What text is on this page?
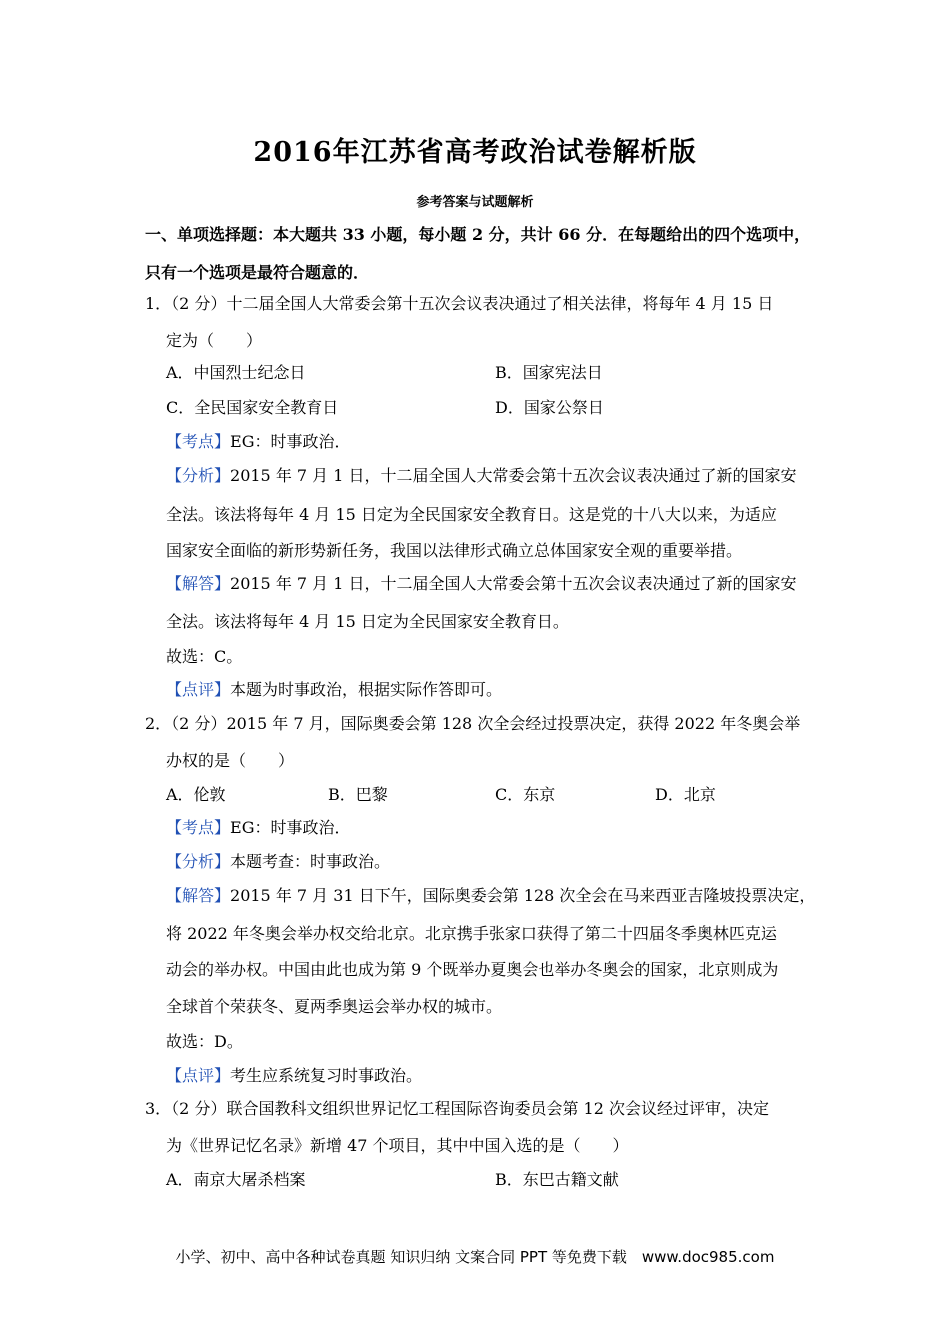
2016年江苏省高考政治试卷解析版
参考答案与试题解析
一、单项选择题：本大题共 33 小题，每小题 2 分，共计 66 分．在每题给出的四个选项中，
只有一个选项是最符合题意的．
1．（2 分）十二届全国人大常委会第十五次会议表决通过了相关法律，将每年 4 月 15 日
定为（　　）
A．中国烈士纪念日	B．国家宪法日
C．全民国家安全教育日	D．国家公祭日
【考点】EG：时事政治．
【分析】2015 年 7 月 1 日，十二届全国人大常委会第十五次会议表决通过了新的国家安
全法。该法将每年 4 月 15 日定为全民国家安全教育日。这是党的十八大以来，为适应
国家安全面临的新形势新任务，我国以法律形式确立总体国家安全观的重要举措。
【解答】2015 年 7 月 1 日，十二届全国人大常委会第十五次会议表决通过了新的国家安
全法。该法将每年 4 月 15 日定为全民国家安全教育日。
故选：C。
【点评】本题为时事政治，根据实际作答即可。
2．（2 分）2015 年 7 月，国际奥委会第 128 次全会经过投票决定，获得 2022 年冬奥会举
办权的是（　　）
A．伦敦	B．巴黎	C．东京	D．北京
【考点】EG：时事政治．
【分析】本题考查：时事政治。
【解答】2015 年 7 月 31 日下午，国际奥委会第 128 次全会在马来西亚吉隆坡投票决定，
将 2022 年冬奥会举办权交给北京。北京携手张家口获得了第二十四届冬季奥林匹克运
动会的举办权。中国由此也成为第 9 个既举办夏奥会也举办冬奥会的国家，北京则成为
全球首个荣获冬、夏两季奥运会举办权的城市。
故选：D。
【点评】考生应系统复习时事政治。
3．（2 分）联合国教科文组织世界记忆工程国际咨询委员会第 12 次会议经过评审，决定
为《世界记忆名录》新增 47 个项目，其中中国入选的是（　　）
A．南京大屠杀档案	B．东巴古籍文献
小学、初中、高中各种试卷真题 知识归纳 文案合同 PPT 等免费下载　www.doc985.com
